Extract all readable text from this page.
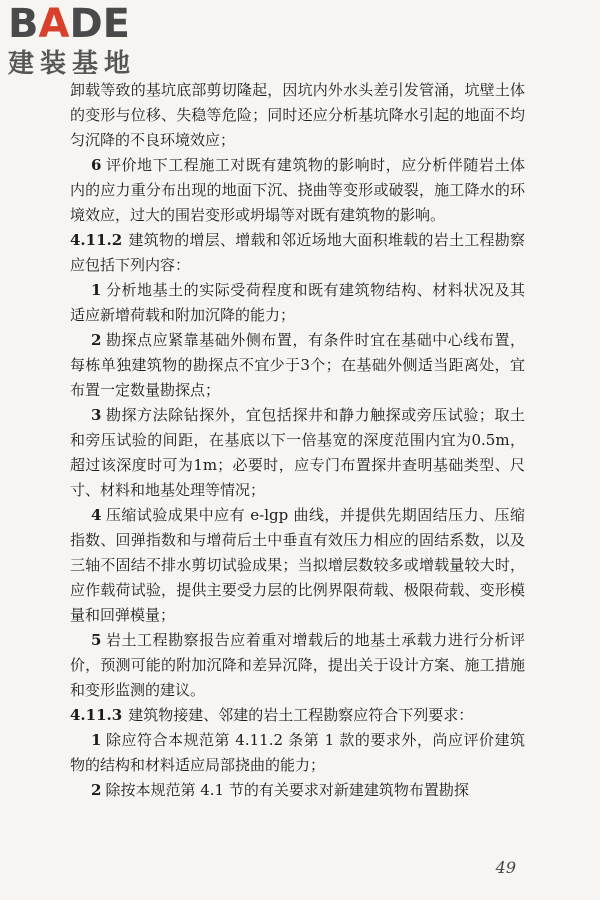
BADE
建装基地

卸载等致的基坑底部剪切隆起，因坑内外水头差引发管涌，坑壁土体的变形与位移、失稳等危险；同时还应分析基坑降水引起的地面不均匀沉降的不良环境效应；

6 评价地下工程施工对既有建筑物的影响时，应分析伴随岩土体内的应力重分布出现的地面下沉、挠曲等变形或破裂，施工降水的环境效应，过大的围岩变形或坍塌等对既有建筑物的影响。

4.11.2 建筑物的增层、增载和邻近场地大面积堆载的岩土工程勘察应包括下列内容：

1 分析地基土的实际受荷程度和既有建筑物结构、材料状况及其适应新增荷载和附加沉降的能力；

2 勘探点应紧靠基础外侧布置，有条件时宜在基础中心线布置，每栋单独建筑物的勘探点不宜少于3个；在基础外侧适当距离处，宜布置一定数量勘探点；

3 勘探方法除钻探外，宜包括探井和静力触探或旁压试验；取土和旁压试验的间距，在基底以下一倍基宽的深度范围内宜为0.5m，超过该深度时可为1m；必要时，应专门布置探井查明基础类型、尺寸、材料和地基处理等情况；

4 压缩试验成果中应有 e-lgp 曲线，并提供先期固结压力、压缩指数、回弹指数和与增荷后土中垂直有效压力相应的固结系数，以及三轴不固结不排水剪切试验成果；当拟增层数较多或增载量较大时，应作载荷试验，提供主要受力层的比例界限荷载、极限荷载、变形模量和回弹模量；

5 岩土工程勘察报告应着重对增载后的地基土承载力进行分析评价，预测可能的附加沉降和差异沉降，提出关于设计方案、施工措施和变形监测的建议。

4.11.3 建筑物接建、邻建的岩土工程勘察应符合下列要求：

1 除应符合本规范第 4.11.2 条第 1 款的要求外，尚应评价建筑物的结构和材料适应局部挠曲的能力；

2 除按本规范第 4.1 节的有关要求对新建建筑物布置勘探

49
